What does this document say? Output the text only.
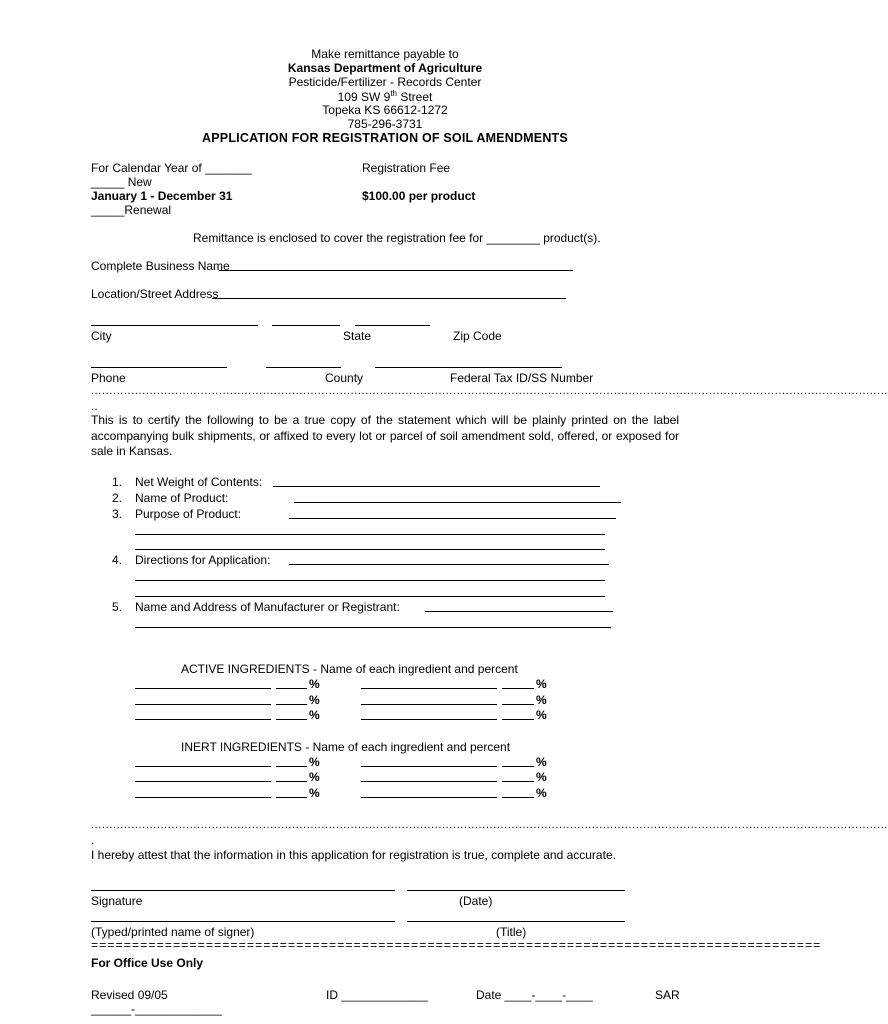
Make remittance payable to
Kansas Department of Agriculture
Pesticide/Fertilizer - Records Center
109 SW 9th Street
Topeka KS 66612-1272
785-296-3731
APPLICATION FOR REGISTRATION OF SOIL AMENDMENTS
For Calendar Year of _______
_____ New
January 1 - December 31
_____Renewal
Registration Fee
$100.00 per product
Remittance is enclosed to cover the registration fee for ________ product(s).
Complete Business Name
Location/Street Address
City	State	Zip Code
Phone	County	Federal Tax ID/SS Number
..........................................................................................................................................................................................................................
..
This is to certify the following to be a true copy of the statement which will be plainly printed on the label accompanying bulk shipments, or affixed to every lot or parcel of soil amendment sold, offered, or exposed for sale in Kansas.
1. Net Weight of Contents:
2. Name of Product:
3. Purpose of Product:
4. Directions for Application:
5. Name and Address of Manufacturer or Registrant:
ACTIVE INGREDIENTS - Name of each ingredient and percent
%	%
%	%
%	%
INERT INGREDIENTS - Name of each ingredient and percent
%	%
%	%
%	%
..........................................................................................................................................................................................................................
.
I hereby attest that the information in this application for registration is true, complete and accurate.
Signature	(Date)
(Typed/printed name of signer)	(Title)
=========================================================================================
For Office Use Only
Revised 09/05	ID _____________	Date ____-____-____	SAR
______-_____________
